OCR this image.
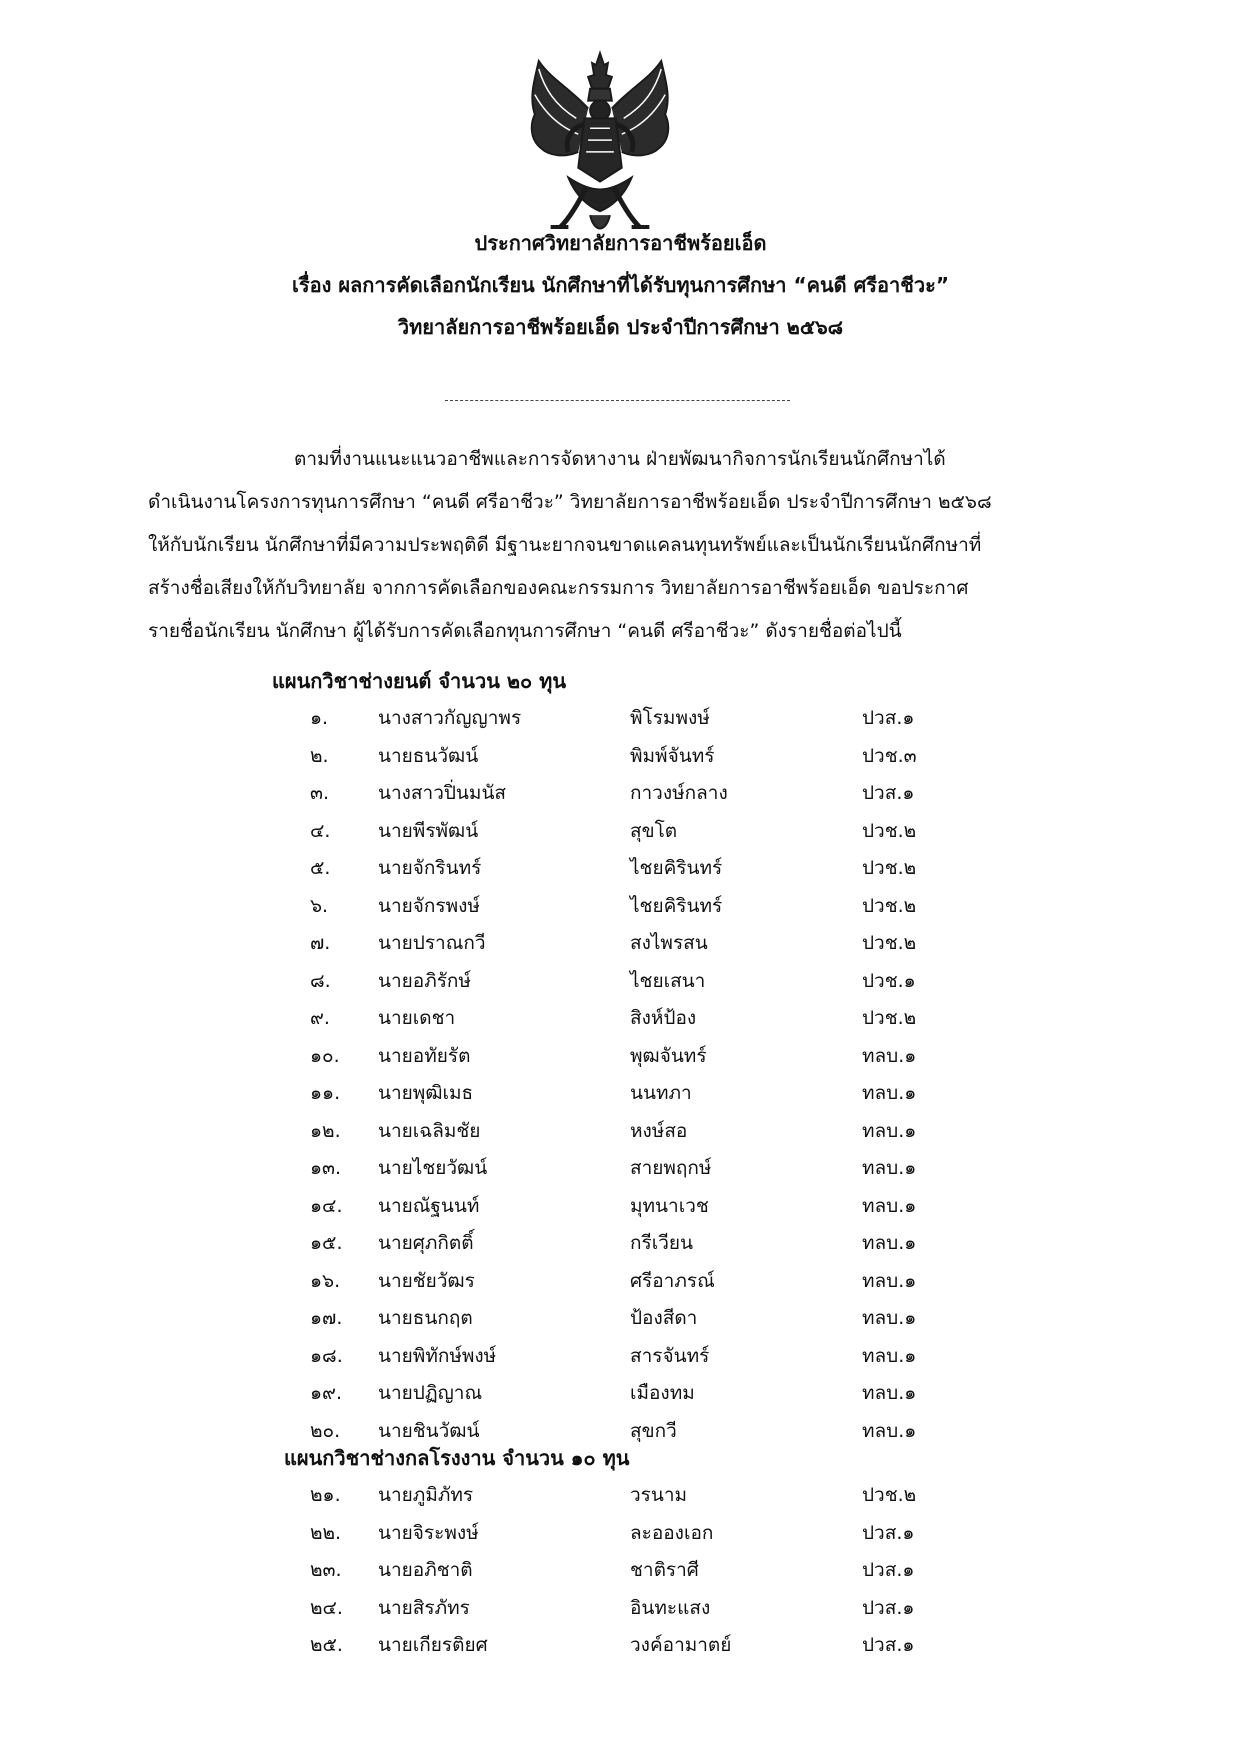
ประกาศวิทยาลัยการอาชีพร้อยเอ็ด
เรื่อง ผลการคัดเลือกนักเรียน นักศึกษาที่ได้รับทุนการศึกษา “คนดี ศรีอาชีวะ”
วิทยาลัยการอาชีพร้อยเอ็ด ประจำปีการศึกษา ๒๕๖๘
ตามที่งานแนะแนวอาชีพและการจัดหางาน ฝ่ายพัฒนากิจการนักเรียนนักศึกษาได้
ดำเนินงานโครงการทุนการศึกษา “คนดี ศรีอาชีวะ” วิทยาลัยการอาชีพร้อยเอ็ด ประจำปีการศึกษา ๒๕๖๘
ให้กับนักเรียน นักศึกษาที่มีความประพฤติดี มีฐานะยากจนขาดแคลนทุนทรัพย์และเป็นนักเรียนนักศึกษาที่
สร้างชื่อเสียงให้กับวิทยาลัย จากการคัดเลือกของคณะกรรมการ วิทยาลัยการอาชีพร้อยเอ็ด ขอประกาศ
รายชื่อนักเรียน นักศึกษา ผู้ได้รับการคัดเลือกทุนการศึกษา “คนดี ศรีอาชีวะ” ดังรายชื่อต่อไปนี้
แผนกวิชาช่างยนต์ จำนวน ๒๐ ทุน
๑.	นางสาวกัญญาพร	พิโรมพงษ์	ปวส.๑
๒.	นายธนวัฒน์	พิมพ์จันทร์	ปวช.๓
๓.	นางสาวปิ่นมนัส	กาวงษ์กลาง	ปวส.๑
๔.	นายพีรพัฒน์	สุขโต	ปวช.๒
๕.	นายจักรินทร์	ไชยคิรินทร์	ปวช.๒
๖.	นายจักรพงษ์	ไชยคิรินทร์	ปวช.๒
๗.	นายปราณกวี	สงไพรสน	ปวช.๒
๘. นายอภิรักษ์	ไชยเสนา	ปวช.๑
๙.	นายเดชา	สิงห์ป้อง	ปวช.๒
๑๐. นายอทัยรัต	พุฒจันทร์	ทลบ.๑
๑๑. นายพุฒิเมธ	นนทภา	ทลบ.๑
๑๒. นายเฉลิมชัย	หงษ์สอ	ทลบ.๑
๑๓. นายไชยวัฒน์	สายพฤกษ์	ทลบ.๑
๑๔. นายณัฐนนท์	มุทนาเวช	ทลบ.๑
๑๕. นายศุภกิตติ์	กรีเวียน	ทลบ.๑
๑๖. นายชัยวัฒร	ศรีอาภรณ์	ทลบ.๑
๑๗. นายธนกฤต	ป้องสีดา	ทลบ.๑
๑๘. นายพิทักษ์พงษ์	สารจันทร์	ทลบ.๑
๑๙. นายปฏิญาณ	เมืองทม	ทลบ.๑
๒๐. นายชินวัฒน์	สุขกวี	ทลบ.๑
แผนกวิชาช่างกลโรงงาน จำนวน ๑๐ ทุน
๒๑. นายภูมิภัทร	วรนาม	ปวช.๒
๒๒. นายจิระพงษ์	ละอองเอก	ปวส.๑
๒๓. นายอภิชาติ	ชาติราศี	ปวส.๑
๒๔. นายสิรภัทร	อินทะแสง	ปวส.๑
๒๕. นายเกียรติยศ	วงค์อามาตย์	ปวส.๑
